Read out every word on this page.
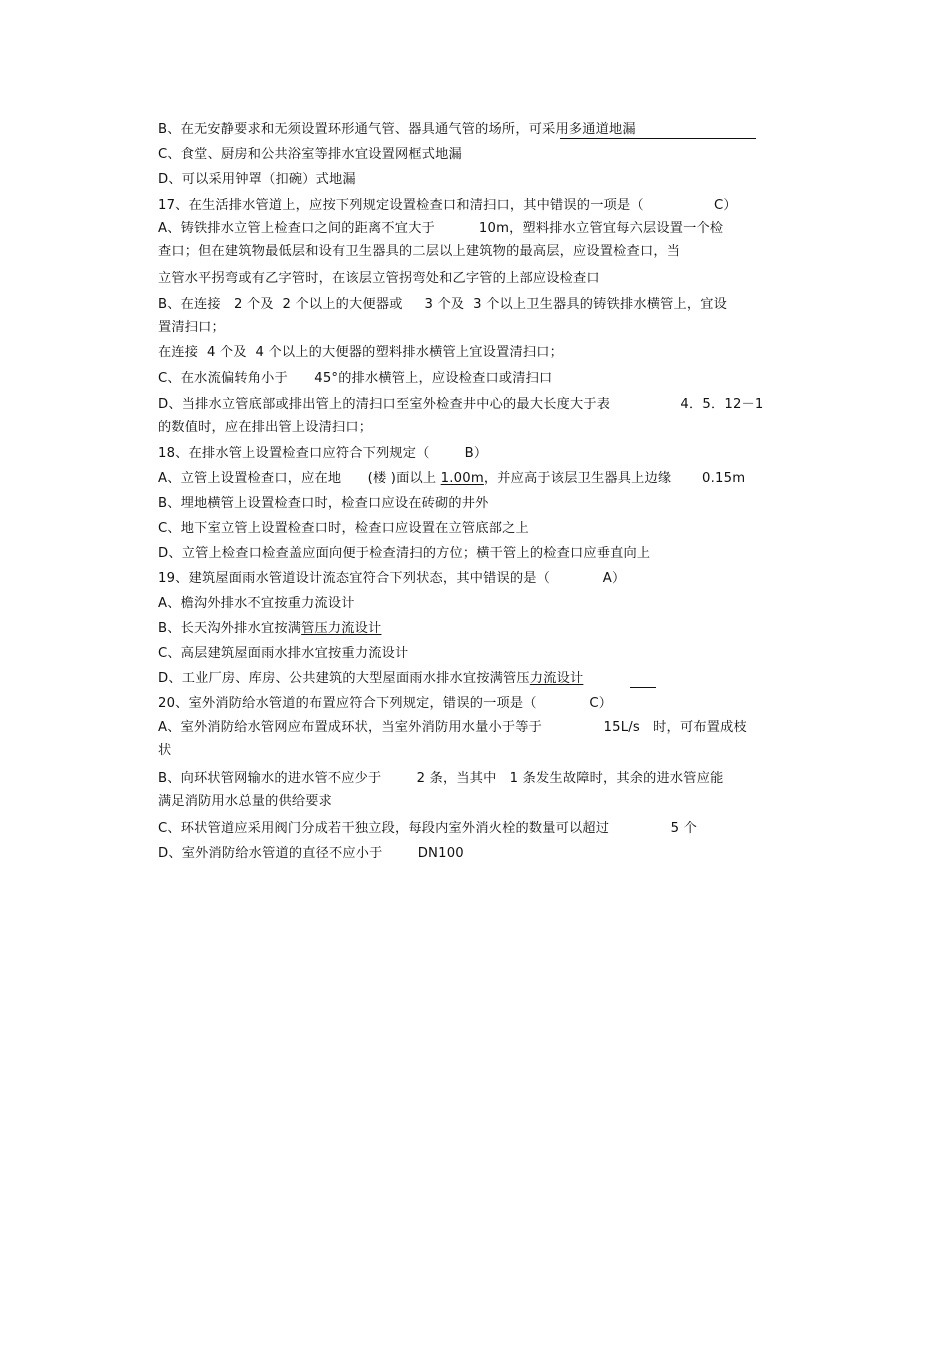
B、在无安静要求和无须设置环形通气管、器具通气管的场所，可采用多通道地漏
C、食堂、厨房和公共浴室等排水宜设置网框式地漏
D、可以采用钟罩（扣碗）式地漏
17、在生活排水管道上，应按下列规定设置检查口和清扫口，其中错误的一项是（                C）
A、铸铁排水立管上检查口之间的距离不宜大于          10m，塑料排水立管宜每六层设置一个检
查口；但在建筑物最低层和设有卫生器具的二层以上建筑物的最高层，应设置检查口，当
立管水平拐弯或有乙字管时，在该层立管拐弯处和乙字管的上部应设检查口
B、在连接   2 个及  2 个以上的大便器或     3 个及  3 个以上卫生器具的铸铁排水横管上，宜设
置清扫口；
在连接  4 个及  4 个以上的大便器的塑料排水横管上宜设置清扫口；
C、在水流偏转角小于      45°的排水横管上，应设检查口或清扫口
D、当排水立管底部或排出管上的清扫口至室外检查井中心的最大长度大于表                4．5．12－1
的数值时，应在排出管上设清扫口；
18、在排水管上设置检查口应符合下列规定（        B）
A、立管上设置检查口，应在地      (楼 )面以上 1.00m，并应高于该层卫生器具上边缘       0.15m
B、埋地横管上设置检查口时，检查口应设在砖砌的井外
C、地下室立管上设置检查口时，检查口应设置在立管底部之上
D、立管上检查口检查盖应面向便于检查清扫的方位；横干管上的检查口应垂直向上
19、建筑屋面雨水管道设计流态宜符合下列状态，其中错误的是（            A）
A、檐沟外排水不宜按重力流设计
B、长天沟外排水宜按满管压力流设计
C、高层建筑屋面雨水排水宜按重力流设计
D、工业厂房、库房、公共建筑的大型屋面雨水排水宜按满管压力流设计
20、室外消防给水管道的布置应符合下列规定，错误的一项是（            C）
A、室外消防给水管网应布置成环状，当室外消防用水量小于等于              15L/s   时，可布置成枝
状
B、向环状管网输水的进水管不应少于        2 条，当其中   1 条发生故障时，其余的进水管应能
满足消防用水总量的供给要求
C、环状管道应采用阀门分成若干独立段，每段内室外消火栓的数量可以超过              5 个
D、室外消防给水管道的直径不应小于        DN100
